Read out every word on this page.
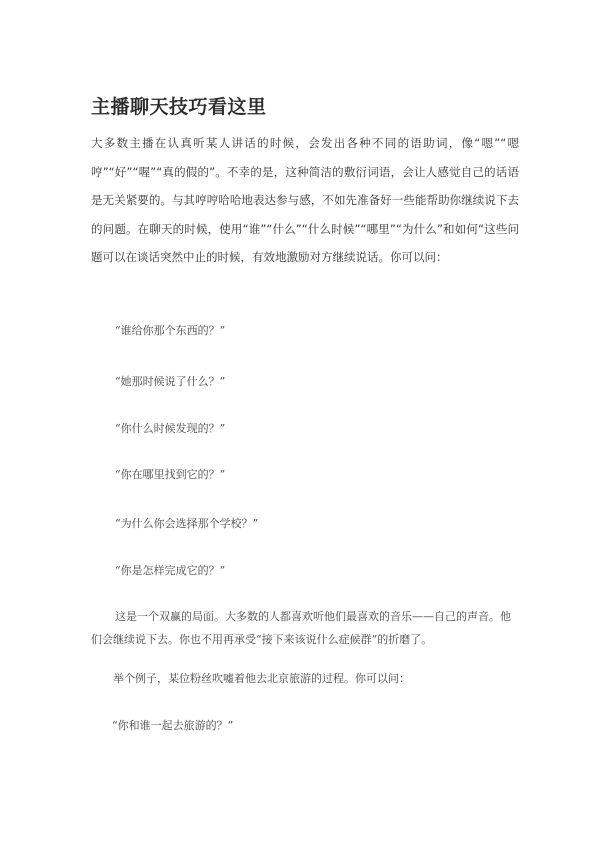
主播聊天技巧看这里

大多数主播在认真听某人讲话的时候，会发出各种不同的语助词，像“嗯”“嗯哼”“好”“喔”“真的假的”。不幸的是，这种简洁的敷衍词语，会让人感觉自己的话语是无关紧要的。与其哼哼哈哈地表达参与感，不如先准备好一些能帮助你继续说下去的问题。在聊天的时候，使用“谁”“什么”“什么时候”“哪里”“为什么”和如何“这些问题可以在谈话突然中止的时候，有效地激励对方继续说话。你可以问：

“谁给你那个东西的？”
“她那时候说了什么？”
“你什么时候发现的？”
“你在哪里找到它的？”
“为什么你会选择那个学校？”
“你是怎样完成它的？”

这是一个双赢的局面。大多数的人都喜欢听他们最喜欢的音乐——自己的声音。他们会继续说下去。你也不用再承受“接下来该说什么症候群”的折磨了。

举个例子，某位粉丝吹嘘着他去北京旅游的过程。你可以问：

“你和谁一起去旅游的？”
